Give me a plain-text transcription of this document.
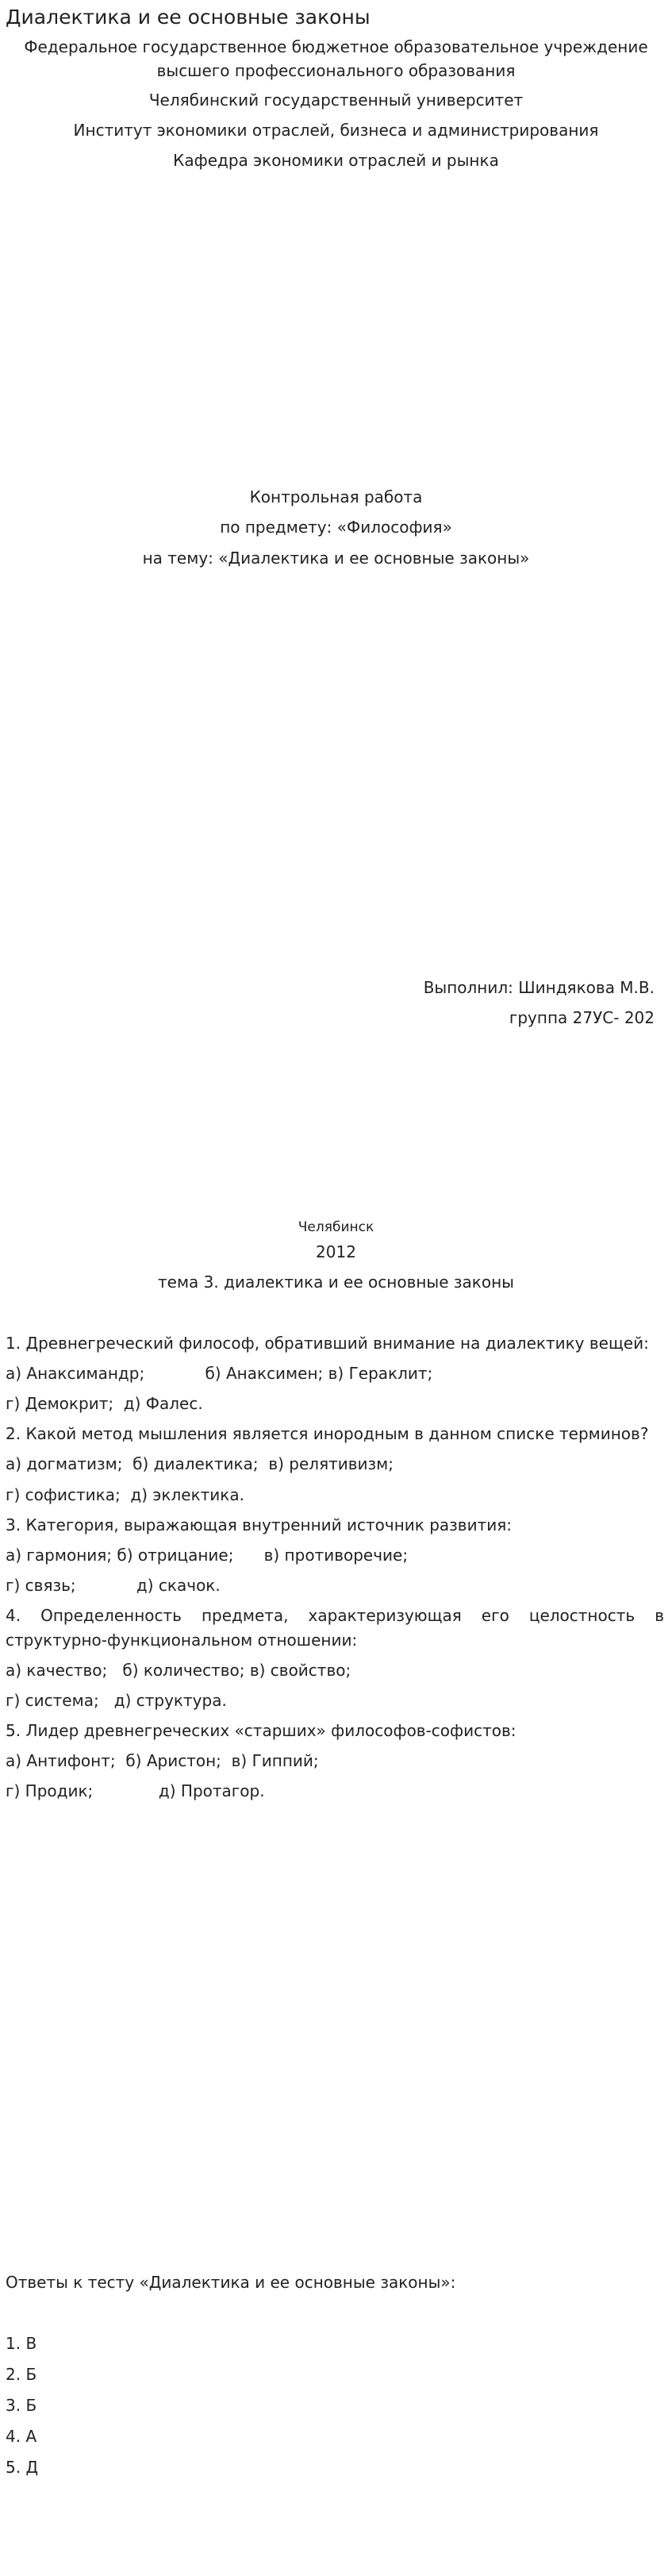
Диалектика и ее основные законы

Федеральное государственное бюджетное образовательное учреждение

высшего профессионального образования

Челябинский государственный университет

Институт экономики отраслей, бизнеса и администрирования

Кафедра экономики отраслей и рынка

Контрольная работа

по предмету: «Философия»

на тему: «Диалектика и ее основные законы»

Выполнил: Шиндякова М.В.

группа 27УС- 202

Челябинск

2012

тема 3. диалектика и ее основные законы

1. Древнегреческий философ, обративший внимание на диалектику вещей:

а) Анаксимандр;            б) Анаксимен; в) Гераклит;
г) Демокрит;  д) Фалес.

2. Какой метод мышления является инородным в данном списке терминов?

а) догматизм;  б) диалектика;  в) релятивизм;
г) софистика;  д) эклектика.

3. Категория, выражающая внутренний источник развития:

а) гармония; б) отрицание;      в) противоречие;
г) связь;            д) скачок.

4. Определенность предмета, характеризующая его целостность в структурно-функциональном отношении:

а) качество;   б) количество; в) свойство;
г) система;   д) структура.

5. Лидер древнегреческих «старших» философов-софистов:

а) Антифонт;  б) Аристон;  в) Гиппий;
г) Продик;             д) Протагор.

Ответы к тесту «Диалектика и ее основные законы»:

1. В

2. Б

3. Б

4. А

5. Д
